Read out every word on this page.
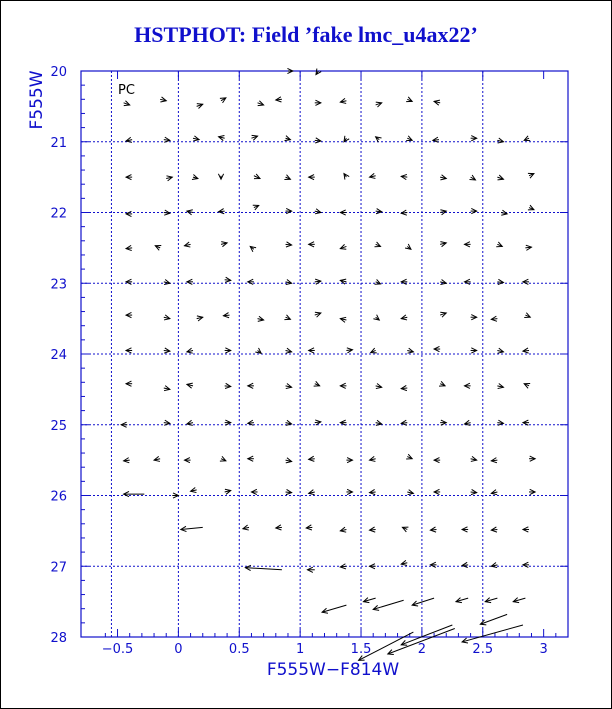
HSTPHOT: Field ’fake lmc_u4ax22’
−0.5	0	0.5	1	1.5	2	2.5	3
20
21
22
23
24
25
26
27
28
PC
F555W−F814W
F555W
